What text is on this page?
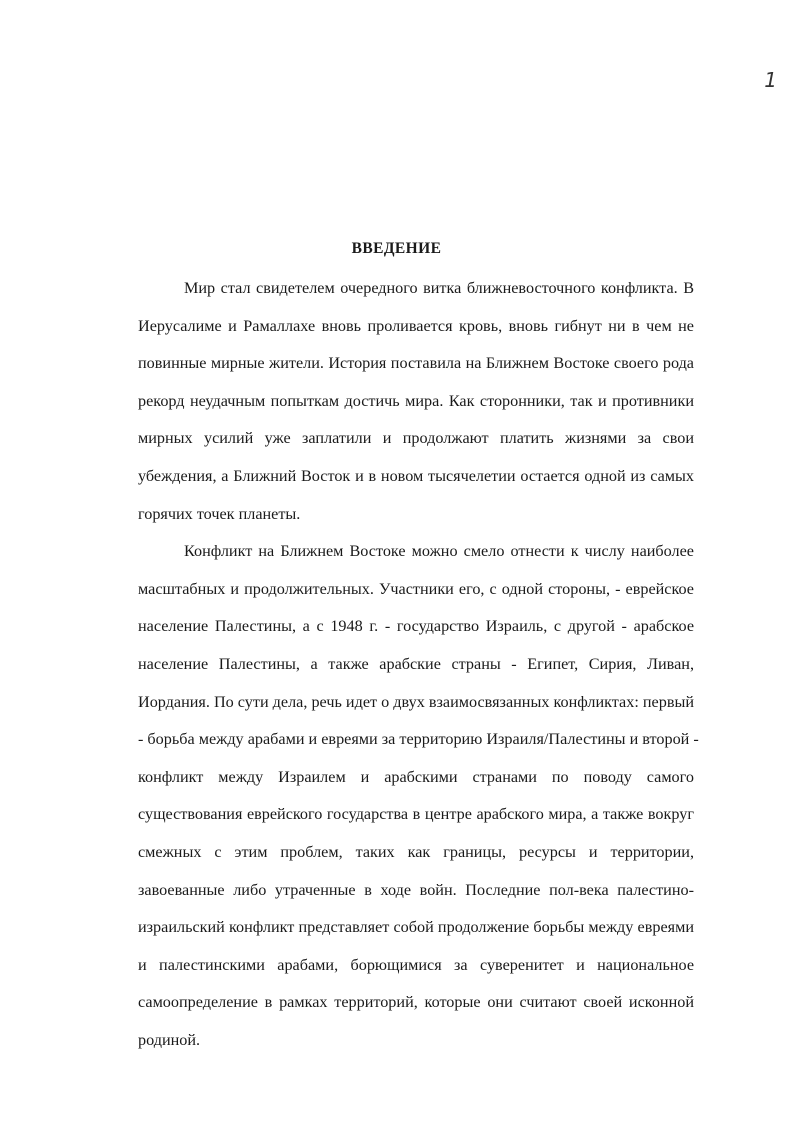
1
ВВЕДЕНИЕ
Мир стал свидетелем очередного витка ближневосточного конфликта. В
Иерусалиме и Рамаллахе вновь проливается кровь, вновь гибнут ни в чем не
повинные мирные жители. История поставила на Ближнем Востоке своего рода
рекорд неудачным попыткам достичь мира. Как сторонники, так и противники
мирных усилий уже заплатили и продолжают платить жизнями за свои
убеждения, а Ближний Восток и в новом тысячелетии остается одной из самых
горячих точек планеты.
Конфликт на Ближнем Востоке можно смело отнести к числу наиболее
масштабных и продолжительных. Участники его, с одной стороны, - еврейское
население Палестины, а с 1948 г. - государство Израиль, с другой - арабское
население Палестины, а также арабские страны - Египет, Сирия, Ливан,
Иордания. По сути дела, речь идет о двух взаимосвязанных конфликтах: первый
- борьба между арабами и евреями за территорию Израиля/Палестины и второй -
конфликт между Израилем и арабскими странами по поводу самого
существования еврейского государства в центре арабского мира, а также вокруг
смежных с этим проблем, таких как границы, ресурсы и территории,
завоеванные либо утраченные в ходе войн. Последние пол-века палестино-
израильский конфликт представляет собой продолжение борьбы между евреями
и палестинскими арабами, борющимися за суверенитет и национальное
самоопределение в рамках территорий, которые они считают своей исконной
родиной.
